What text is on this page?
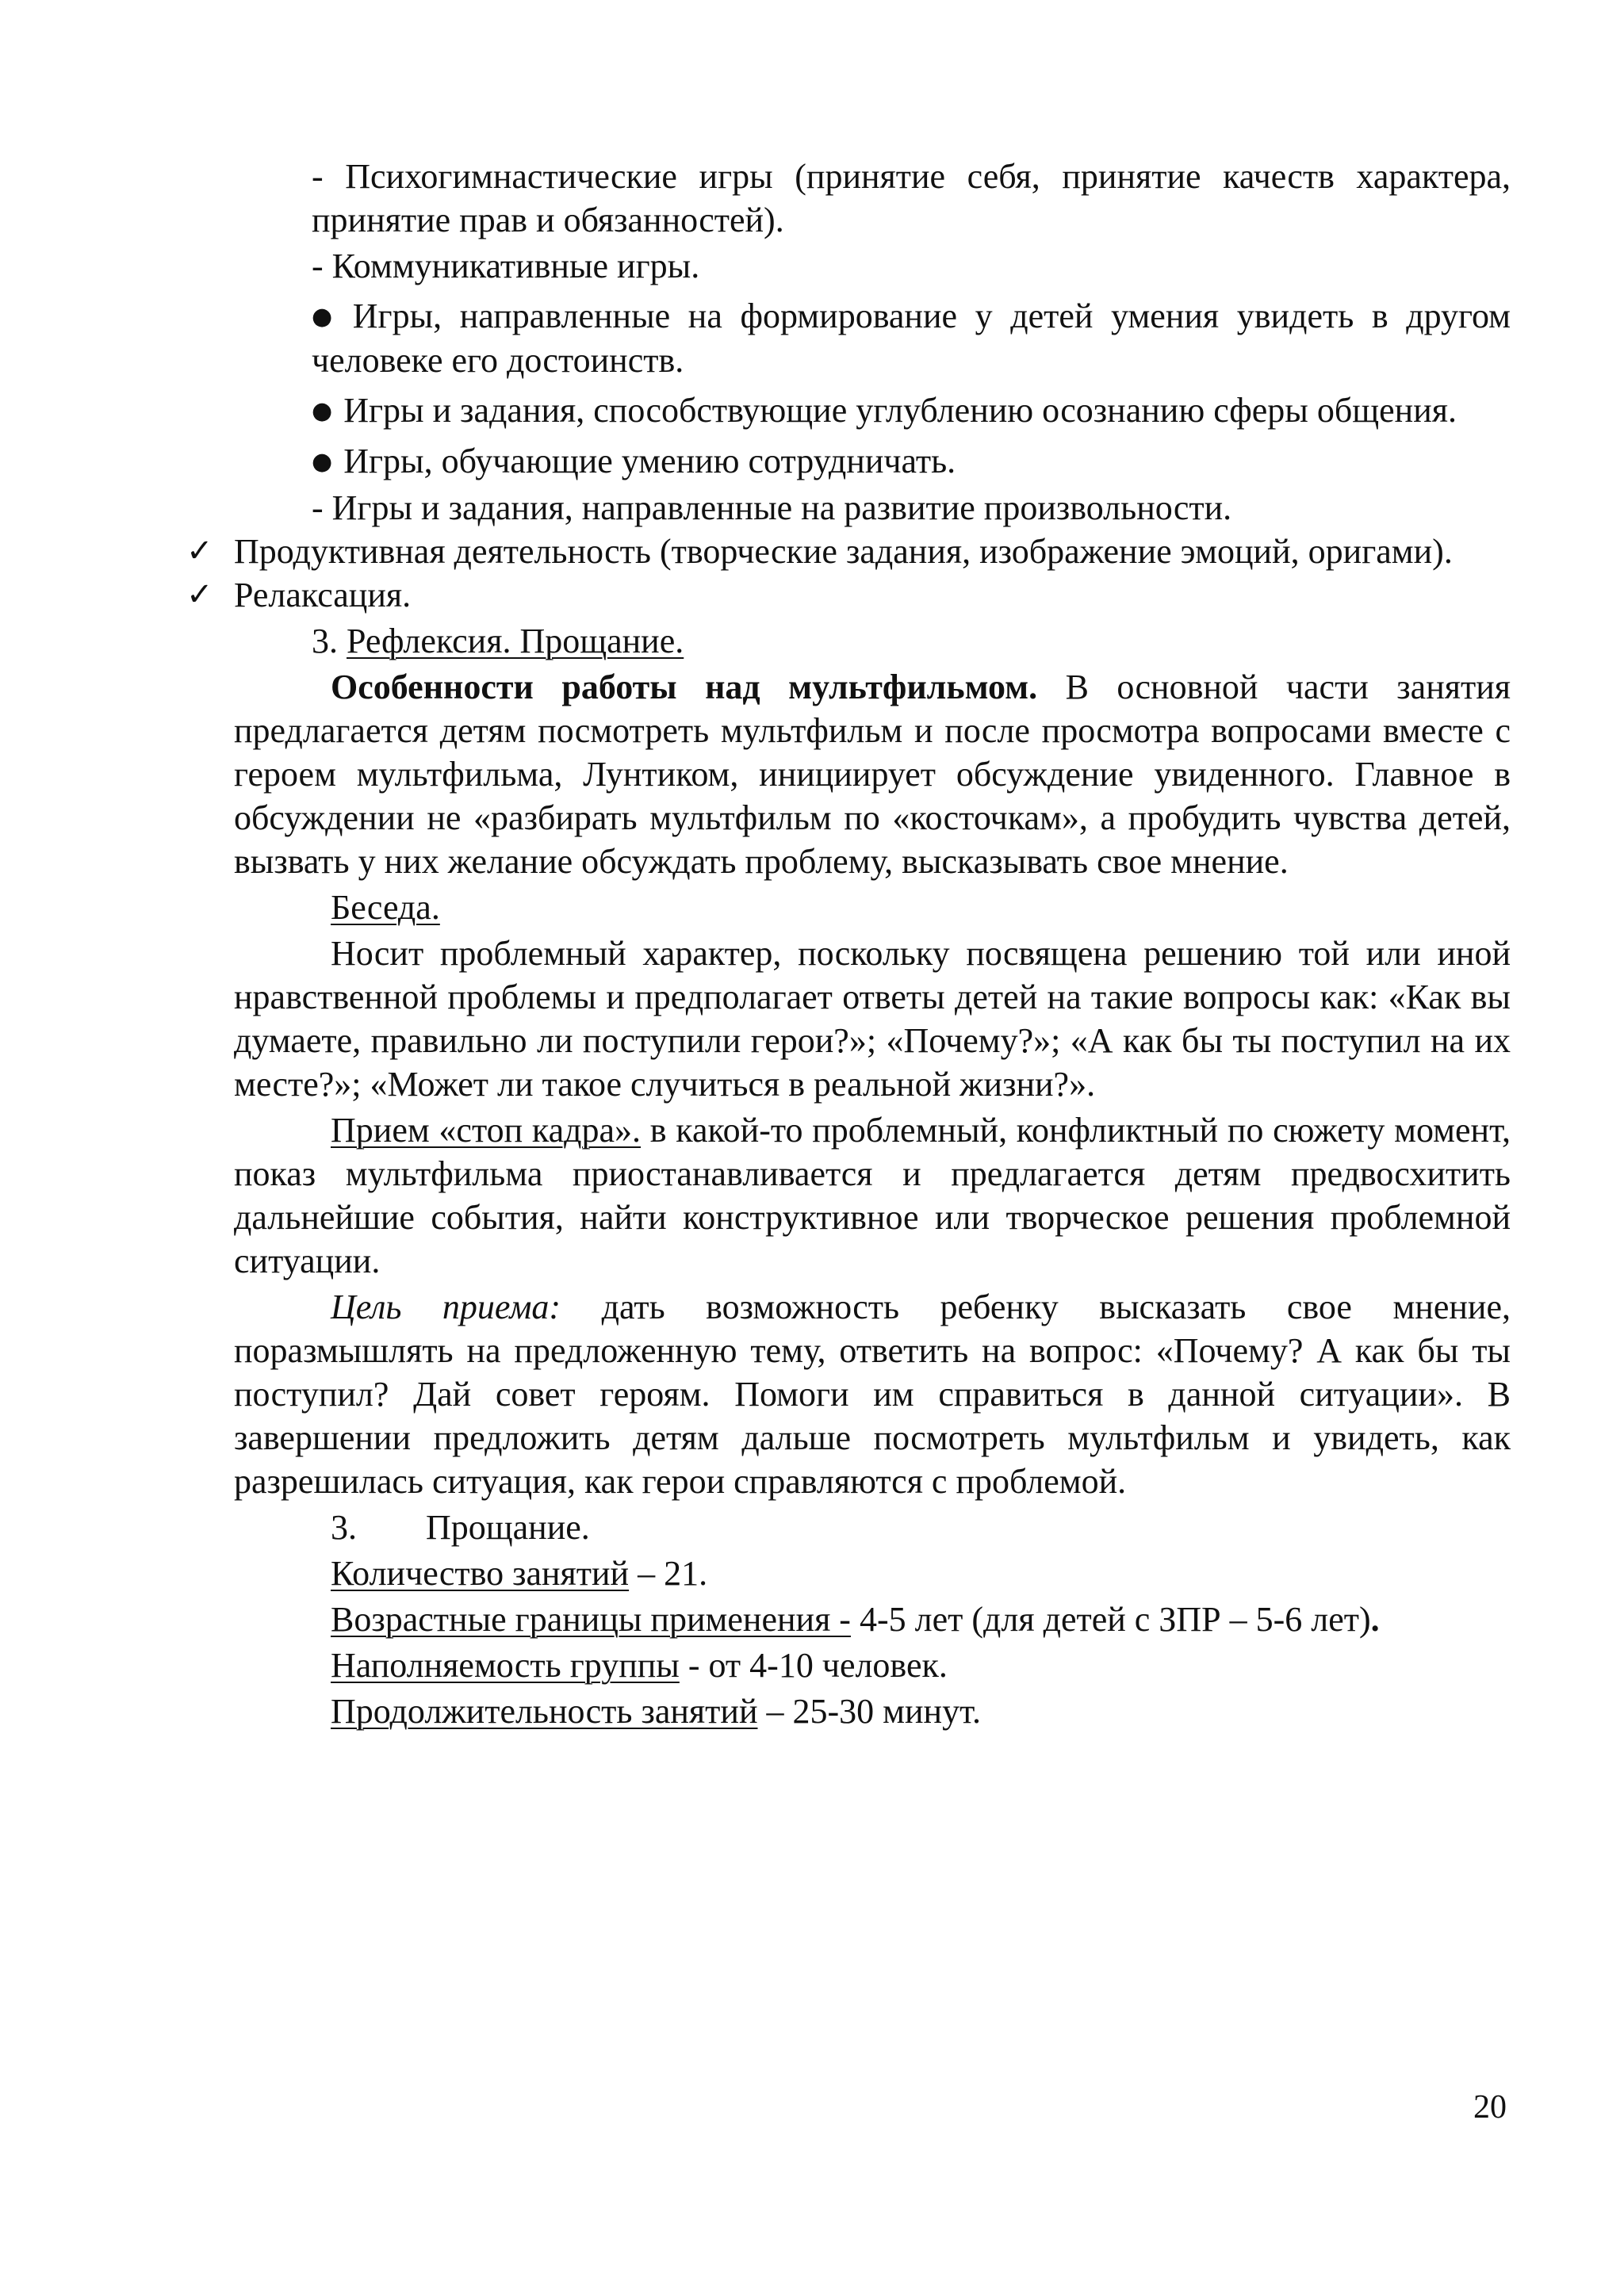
- Психогимнастические игры (принятие себя, принятие качеств характера, принятие прав и обязанностей).

- Коммуникативные игры.

● Игры, направленные на формирование у детей умения увидеть в другом человеке его достоинств.

● Игры и задания, способствующие углублению осознанию сферы общения.

● Игры, обучающие умению сотрудничать.

- Игры и задания, направленные на развитие произвольности.

✓ Продуктивная деятельность (творческие задания, изображение эмоций, оригами).

✓ Релаксация.

3. Рефлексия. Прощание.

Особенности работы над мультфильмом. В основной части занятия предлагается детям посмотреть мультфильм и после просмотра вопросами вместе с героем мультфильма, Лунтиком, инициирует обсуждение увиденного. Главное в обсуждении не «разбирать мультфильм по «косточкам», а пробудить чувства детей, вызвать у них желание обсуждать проблему, высказывать свое мнение.

Беседа.

Носит проблемный характер, поскольку посвящена решению той или иной нравственной проблемы и предполагает ответы детей на такие вопросы как: «Как вы думаете, правильно ли поступили герои?»; «Почему?»; «А как бы ты поступил на их месте?»; «Может ли такое случиться в реальной жизни?».

Прием «стоп кадра». в какой-то проблемный, конфликтный по сюжету момент, показ мультфильма приостанавливается и предлагается детям предвосхитить дальнейшие события, найти конструктивное или творческое решения проблемной ситуации.

Цель приема: дать возможность ребенку высказать свое мнение, поразмышлять на предложенную тему, ответить на вопрос: «Почему? А как бы ты поступил? Дай совет героям. Помоги им справиться в данной ситуации». В завершении предложить детям дальше посмотреть мультфильм и увидеть, как разрешилась ситуация, как герои справляются с проблемой.

3. Прощание.

Количество занятий – 21.

Возрастные границы применения - 4-5 лет (для детей с ЗПР – 5-6 лет).

Наполняемость группы - от 4-10 человек.

Продолжительность занятий – 25-30 минут.

20
